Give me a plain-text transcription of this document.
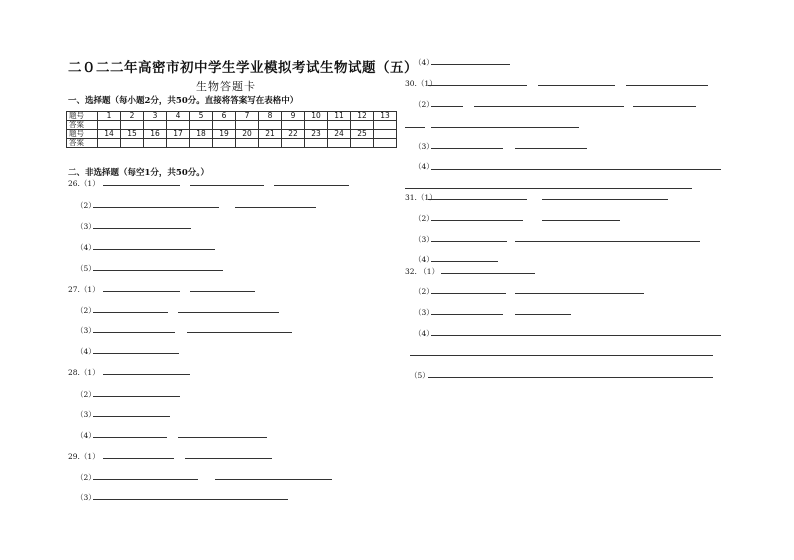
二０二二年高密市初中学生学业模拟考试生物试题（五）
生物答题卡
一、选择题（每小题2分，共50分。直接将答案写在表格中）
题号	1	2	3	4	5	6	7	8	9	10	11	12	13
答案													
题号	14	15	16	17	18	19	20	21	22	23	24	25	
答案													
二、非选择题（每空1分，共50分。）
26.（1）
（2）
（3）
（4）
（5）
27.（1）
（2）
（3）
（4）
28.（1）
（2）
（3）
（4）
29.（1）
（2）
（3）
（4）
30.（1）
（2）
（3）
（4）
31.（1）
（2）
（3）
（4）
32. （1）
（2）
（3）
（4）
（5）
